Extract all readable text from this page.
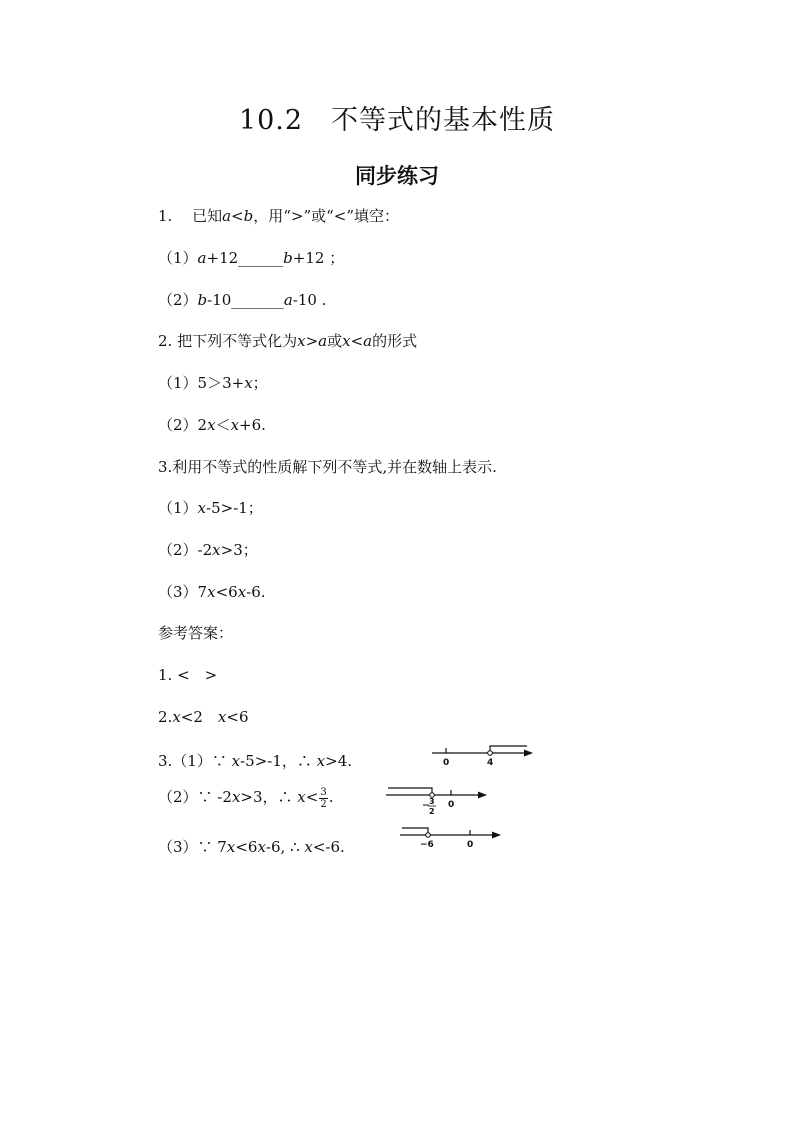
10.2　不等式的基本性质
同步练习
1.　 已知a<b，用“>”或“<”填空：
（1）a+12______b+12 ；
（2）b-10_______a-10 .
2. 把下列不等式化为x>a或x<a的形式
（1）5＞3+x；
（2）2x＜x+6.
3.利用不等式的性质解下列不等式,并在数轴上表示.
（1）x-5>-1；
（2）-2x>3；
（3）7x<6x-6.
参考答案：
1. <　>
2.x<2　x<6
3.（1）∵ x-5>-1，∴ x>4.
（2）∵ -2x>3，∴ $x< \frac{3}{2}$ .
（3）∵ 7x<6x-6, ∴ x<-6.
0	4
− 3
2
0
−6	0
